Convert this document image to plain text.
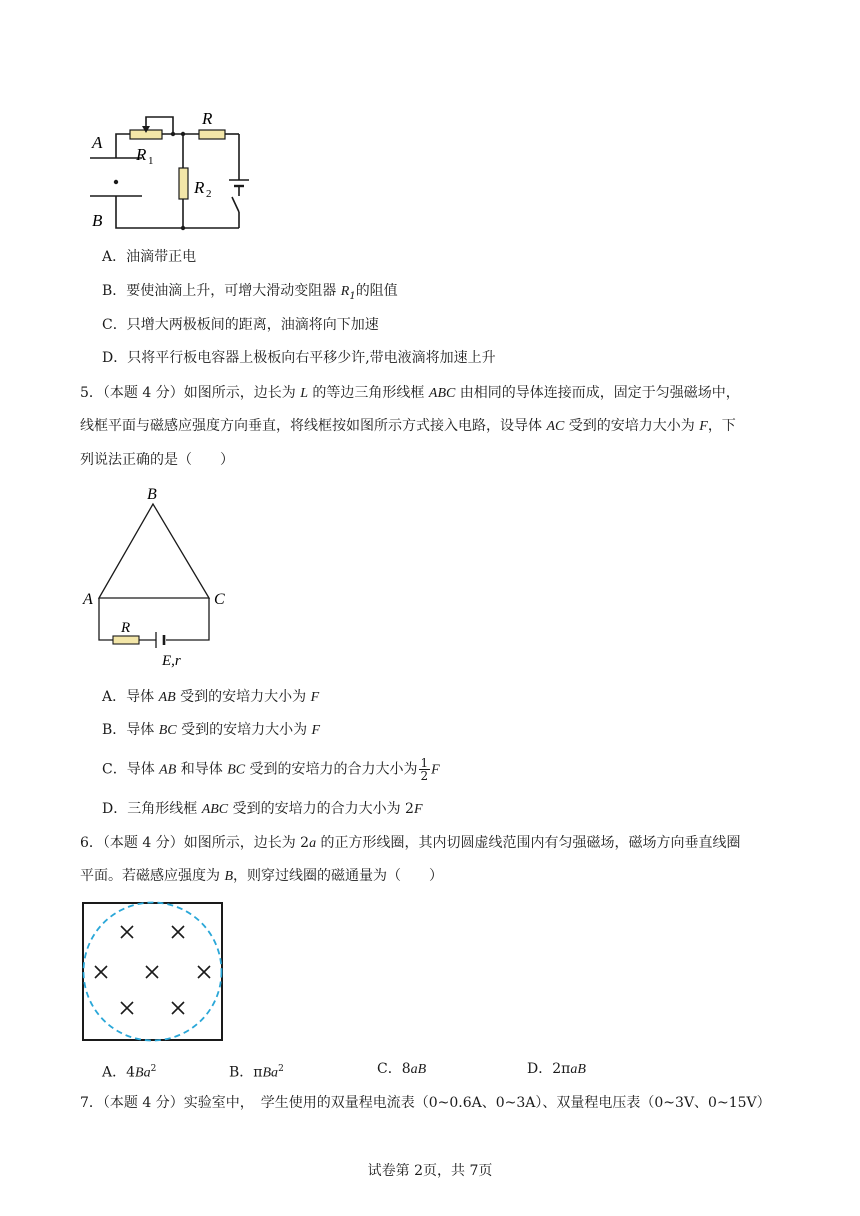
A
B
R
R 1
R 2
A．油滴带正电
B．要使油滴上升，可增大滑动变阻器 $R_1$的阻值
C．只增大两极板间的距离，油滴将向下加速
D．只将平行板电容器上极板向右平移少许,带电液滴将加速上升
5．（本题 4 分）如图所示，边长为 L 的等边三角形线框 ABC 由相同的导体连接而成，固定于匀强磁场中，
线框平面与磁感应强度方向垂直，将线框按如图所示方式接入电路，设导体 AC 受到的安培力大小为 F，下
列说法正确的是（　　）
B
A	C
R
E,r
A．导体 AB 受到的安培力大小为 F
B．导体 BC 受到的安培力大小为 F
C．导体 AB 和导体 BC 受到的安培力的合力大小为 $\frac{1}{2}$ F
D．三角形线框 ABC 受到的安培力的合力大小为 2F
6．（本题 4 分）如图所示，边长为 2a 的正方形线圈，其内切圆虚线范围内有匀强磁场，磁场方向垂直线圈
平面。若磁感应强度为 B，则穿过线圈的磁通量为（　　）
A．4Ba$^2$	B．πBa$^2$	C．8aB	D．2πaB
7．（本题 4 分）实验室中，　学生使用的双量程电流表（0~0.6A、0~3A）、双量程电压表（0~3V、0~15V）
试卷第 2页，共 7页
